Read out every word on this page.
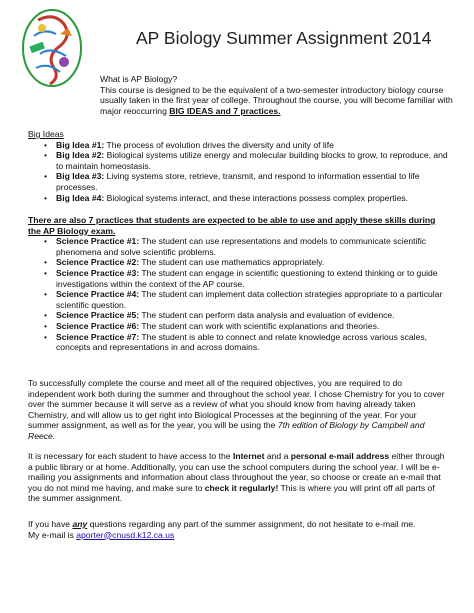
AP Biology Summer Assignment 2014

What is AP Biology?

This course is designed to be the equivalent of a two-semester introductory biology course usually taken in the first year of college. Throughout the course, you will become familiar with major reoccurring BIG IDEAS and 7 practices.

Big Ideas
• Big Idea #1: The process of evolution drives the diversity and unity of life
• Big Idea #2: Biological systems utilize energy and molecular building blocks to grow, to reproduce, and to maintain homeostasis.
• Big Idea #3: Living systems store, retrieve, transmit, and respond to information essential to life processes.
• Big Idea #4: Biological systems interact, and these interactions possess complex properties.
There are also 7 practices that students are expected to be able to use and apply these skills during the AP Biology exam.
• Science Practice #1: The student can use representations and models to communicate scientific phenomena and solve scientific problems.
• Science Practice #2: The student can use mathematics appropriately.
• Science Practice #3: The student can engage in scientific questioning to extend thinking or to guide investigations within the context of the AP course.
• Science Practice #4: The student can implement data collection strategies appropriate to a particular scientific question.
• Science Practice #5: The student can perform data analysis and evaluation of evidence.
• Science Practice #6: The student can work with scientific explanations and theories.
• Science Practice #7: The student is able to connect and relate knowledge across various scales, concepts and representations in and across domains.
To successfully complete the course and meet all of the required objectives, you are required to do independent work both during the summer and throughout the school year. I chose Chemistry for you to cover over the summer because it will serve as a review of what you should know from having already taken Chemistry, and will allow us to get right into Biological Processes at the beginning of the year. For your summer assignment, as well as for the year, you will be using the 7th edition of Biology by Campbell and Reece.
It is necessary for each student to have access to the Internet and a personal e-mail address either through a public library or at home. Additionally, you can use the school computers during the school year. I will be e-mailing you assignments and information about class throughout the year, so choose or create an e-mail that you do not mind me having, and make sure to check it regularly! This is where you will print off all parts of the summer assignment.
If you have any questions regarding any part of the summer assignment, do not hesitate to e-mail me.
My e-mail is aporter@cnusd.k12.ca.us
